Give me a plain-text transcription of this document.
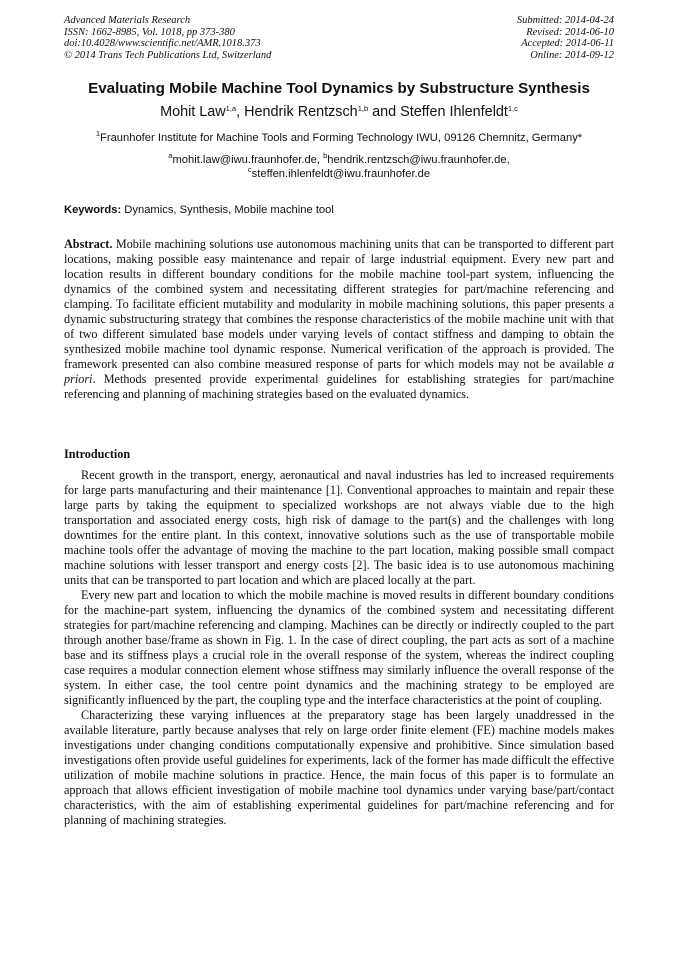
Advanced Materials Research
ISSN: 1662-8985, Vol. 1018, pp 373-380
doi:10.4028/www.scientific.net/AMR.1018.373
© 2014 Trans Tech Publications Ltd, Switzerland
Submitted: 2014-04-24
Revised: 2014-06-10
Accepted: 2014-06-11
Online: 2014-09-12
Evaluating Mobile Machine Tool Dynamics by Substructure Synthesis
Mohit Law$^{1,a}$, Hendrik Rentzsch$^{1,b}$ and Steffen Ihlenfeldt$^{1,c}$
$^1$Fraunhofer Institute for Machine Tools and Forming Technology IWU, 09126 Chemnitz, Germany*
$^a$mohit.law@iwu.fraunhofer.de, $^b$hendrik.rentzsch@iwu.fraunhofer.de,
$^c$steffen.ihlenfeldt@iwu.fraunhofer.de
Keywords: Dynamics, Synthesis, Mobile machine tool
Abstract. Mobile machining solutions use autonomous machining units that can be transported to different part locations, making possible easy maintenance and repair of large industrial equipment. Every new part and location results in different boundary conditions for the mobile machine tool-part system, influencing the dynamics of the combined system and necessitating different strategies for part/machine referencing and clamping. To facilitate efficient mutability and modularity in mobile machining solutions, this paper presents a dynamic substructuring strategy that combines the response characteristics of the mobile machine unit with that of two different simulated base models under varying levels of contact stiffness and damping to obtain the synthesized mobile machine tool dynamic response. Numerical verification of the approach is provided. The framework presented can also combine measured response of parts for which models may not be available a priori. Methods presented provide experimental guidelines for establishing strategies for part/machine referencing and planning of machining strategies based on the evaluated dynamics.
Introduction

Recent growth in the transport, energy, aeronautical and naval industries has led to increased requirements for large parts manufacturing and their maintenance [1]. Conventional approaches to maintain and repair these large parts by taking the equipment to specialized workshops are not always viable due to the high transportation and associated energy costs, high risk of damage to the part(s) and the challenges with long downtimes for the entire plant. In this context, innovative solutions such as the use of transportable mobile machine tools offer the advantage of moving the machine to the part location, making possible small compact machine solutions with lesser transport and energy costs [2]. The basic idea is to use autonomous machining units that can be transported to part location and which are placed locally at the part.

Every new part and location to which the mobile machine is moved results in different boundary conditions for the machine-part system, influencing the dynamics of the combined system and necessitating different strategies for part/machine referencing and clamping. Machines can be directly or indirectly coupled to the part through another base/frame as shown in Fig. 1. In the case of direct coupling, the part acts as sort of a machine base and its stiffness plays a crucial role in the overall response of the system, whereas the indirect coupling case requires a modular connection element whose stiffness may similarly influence the overall response of the system. In either case, the tool centre point dynamics and the machining strategy to be employed are significantly influenced by the part, the coupling type and the interface characteristics at the point of coupling.

Characterizing these varying influences at the preparatory stage has been largely unaddressed in the available literature, partly because analyses that rely on large order finite element (FE) machine models makes investigations under changing conditions computationally expensive and prohibitive. Since simulation based investigations often provide useful guidelines for experiments, lack of the former has made difficult the effective utilization of mobile machine solutions in practice. Hence, the main focus of this paper is to formulate an approach that allows efficient investigation of mobile machine tool dynamics under varying base/part/contact characteristics, with the aim of establishing experimental guidelines for part/machine referencing and for planning of machining strategies.
